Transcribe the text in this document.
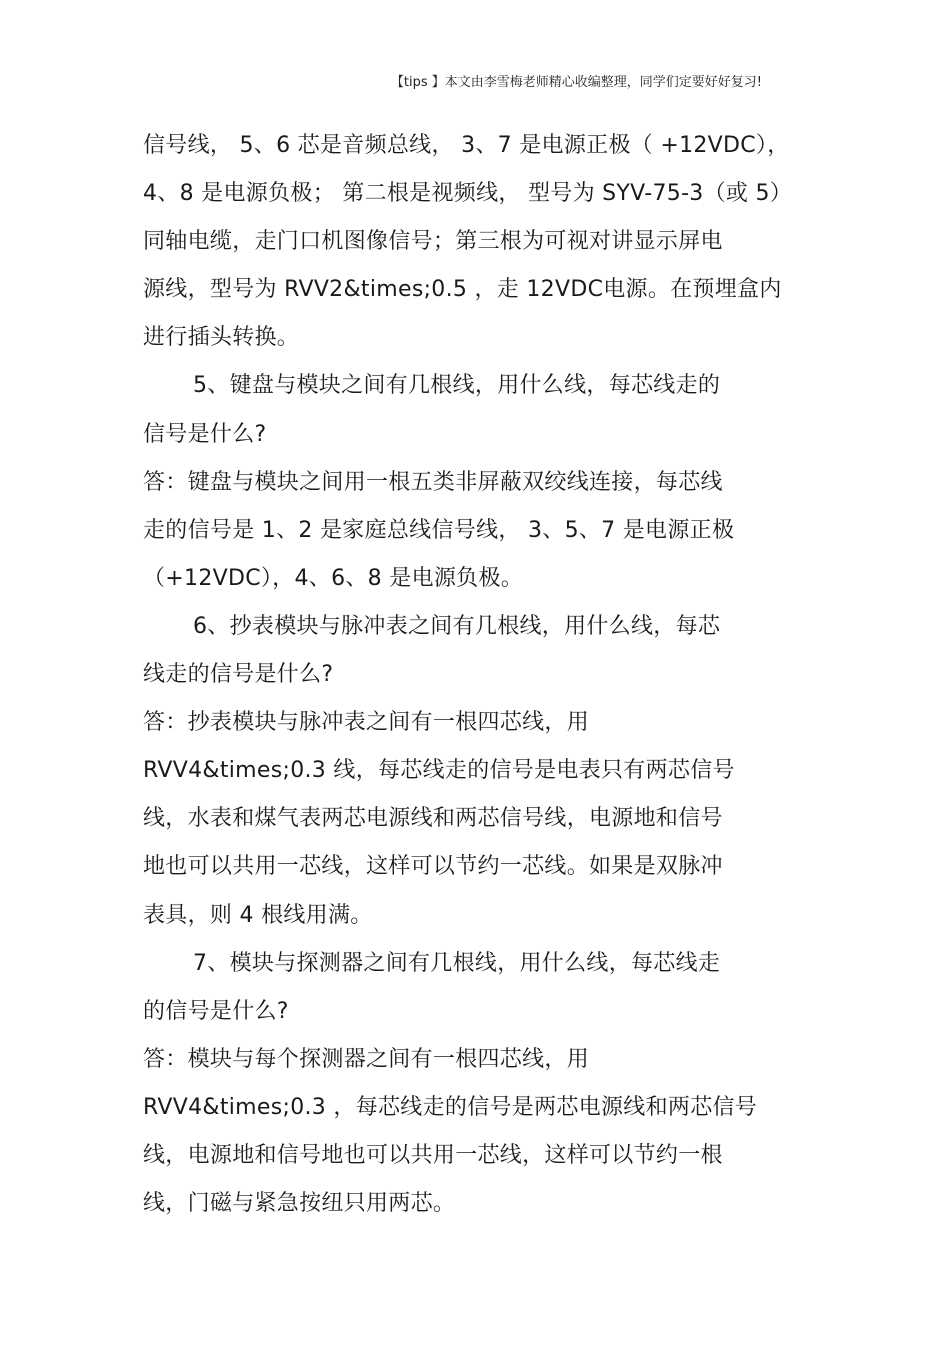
【tips 】本文由李雪梅老师精心收编整理，同学们定要好好复习!
信号线， 5、6 芯是音频总线， 3、7 是电源正极（ +12VDC），
4、8 是电源负极； 第二根是视频线， 型号为 SYV-75-3（或 5）
同轴电缆，走门口机图像信号；第三根为可视对讲显示屏电
源线，型号为 RVV2&times;0.5 ，走 12VDC电源。在预埋盒内
进行插头转换。
5、键盘与模块之间有几根线，用什么线，每芯线走的
信号是什么?
答：键盘与模块之间用一根五类非屏蔽双绞线连接，每芯线
走的信号是 1、2 是家庭总线信号线， 3、5、7 是电源正极
（+12VDC），4、6、8 是电源负极。
6、抄表模块与脉冲表之间有几根线，用什么线，每芯
线走的信号是什么?
答：抄表模块与脉冲表之间有一根四芯线，用
RVV4&times;0.3 线，每芯线走的信号是电表只有两芯信号
线，水表和煤气表两芯电源线和两芯信号线，电源地和信号
地也可以共用一芯线，这样可以节约一芯线。如果是双脉冲
表具，则 4 根线用满。
7、模块与探测器之间有几根线，用什么线，每芯线走
的信号是什么?
答：模块与每个探测器之间有一根四芯线，用
RVV4&times;0.3 ，每芯线走的信号是两芯电源线和两芯信号
线，电源地和信号地也可以共用一芯线，这样可以节约一根
线，门磁与紧急按纽只用两芯。
